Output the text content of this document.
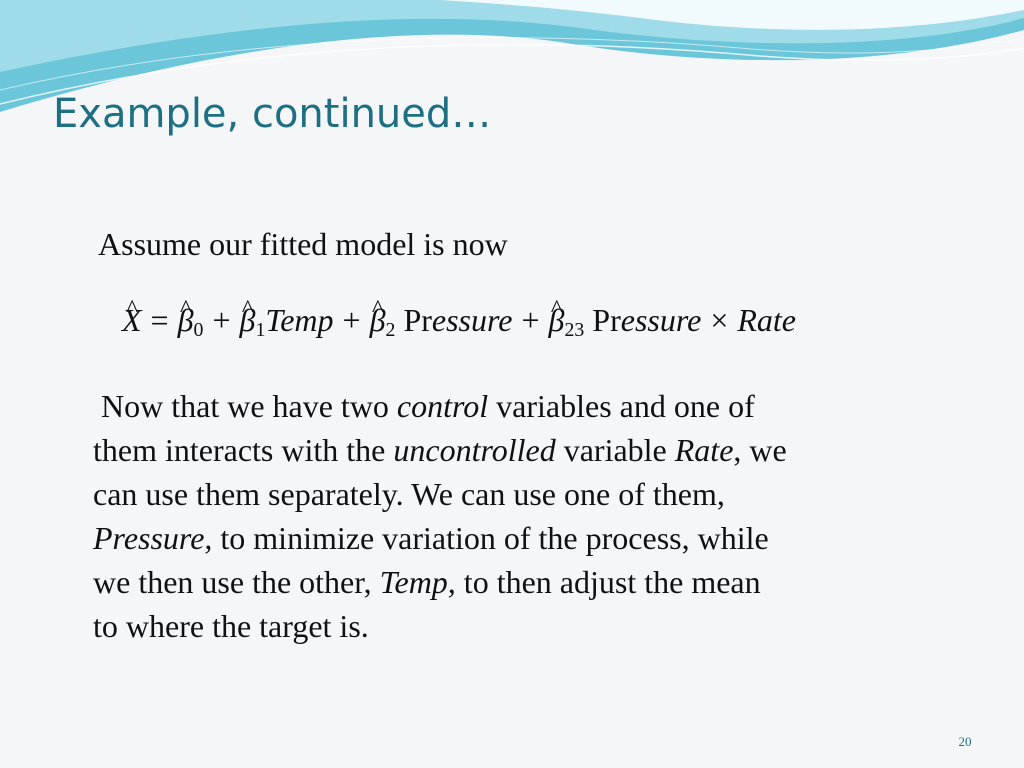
Example, continued…
Assume our fitted model is now
^ X = ^ $\beta_0$ + ^ $\beta_1Temp$ + ^ $\beta_2$ Pressure + ^ $\beta_{23}$ Pressure × Rate

Now that we have two control variables and one of
them interacts with the uncontrolled variable Rate, we
can use them separately. We can use one of them,
Pressure, to minimize variation of the process, while
we then use the other, Temp, to then adjust the mean
to where the target is.

20
